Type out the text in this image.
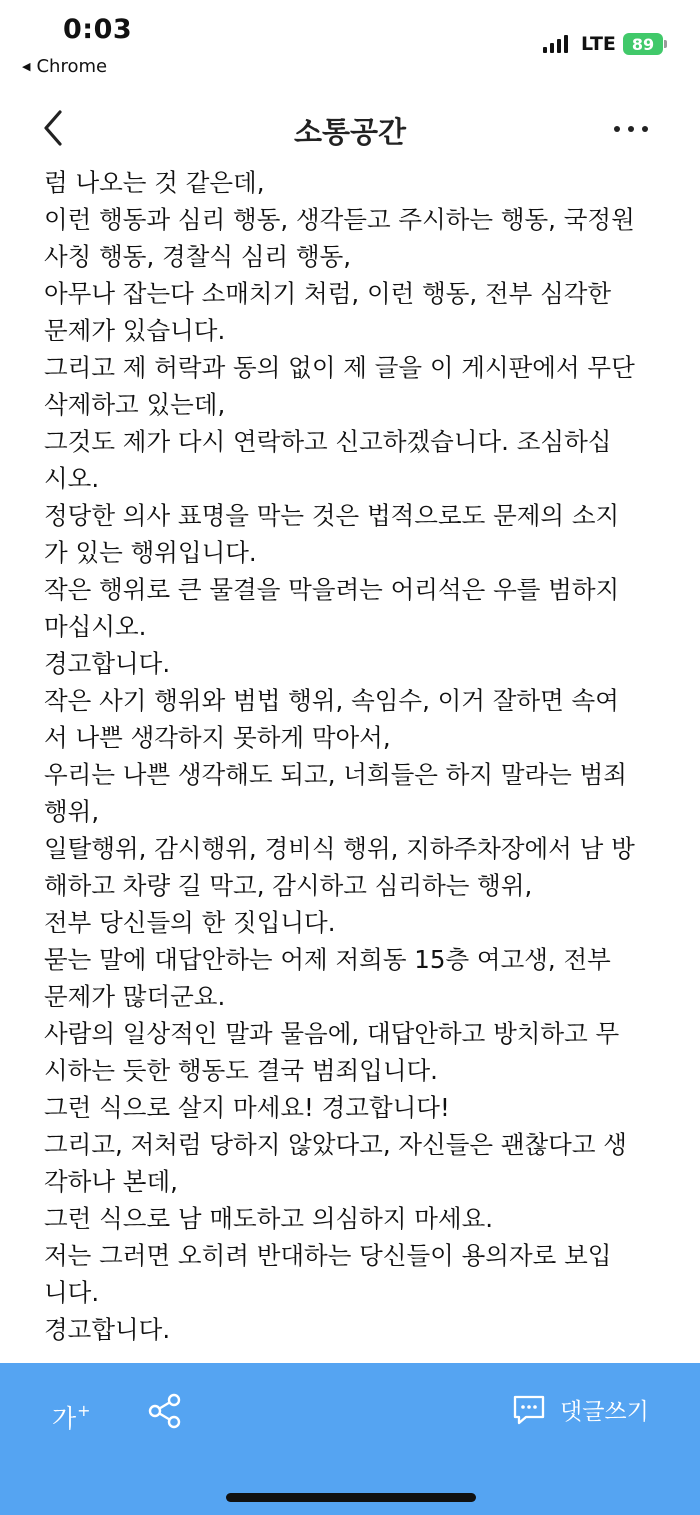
0:03
◀ Chrome
LTE 89
소통공간
럼 나오는 것 같은데,
이런 행동과 심리 행동, 생각듣고 주시하는 행동, 국정원
사칭 행동, 경찰식 심리 행동,
아무나 잡는다 소매치기 처럼, 이런 행동, 전부 심각한
문제가 있습니다.
그리고 제 허락과 동의 없이 제 글을 이 게시판에서 무단
삭제하고 있는데,
그것도 제가 다시 연락하고 신고하겠습니다. 조심하십
시오.
정당한 의사 표명을 막는 것은 법적으로도 문제의 소지
가 있는 행위입니다.
작은 행위로 큰 물결을 막을려는 어리석은 우를 범하지
마십시오.
경고합니다.
작은 사기 행위와 범법 행위, 속임수, 이거 잘하면 속여
서 나쁜 생각하지 못하게 막아서,
우리는 나쁜 생각해도 되고, 너희들은 하지 말라는 범죄
행위,
일탈행위, 감시행위, 경비식 행위, 지하주차장에서 남 방
해하고 차량 길 막고, 감시하고 심리하는 행위,
전부 당신들의 한 짓입니다.
묻는 말에 대답안하는 어제 저희동 15층 여고생, 전부
문제가 많더군요.
사람의 일상적인 말과 물음에, 대답안하고 방치하고 무
시하는 듯한 행동도 결국 범죄입니다.
그런 식으로 살지 마세요! 경고합니다!
그리고, 저처럼 당하지 않았다고, 자신들은 괜찮다고 생
각하나 본데,
그런 식으로 남 매도하고 의심하지 마세요.
저는 그러면 오히려 반대하는 당신들이 용의자로 보입
니다.
경고합니다.
가+	댓글쓰기
